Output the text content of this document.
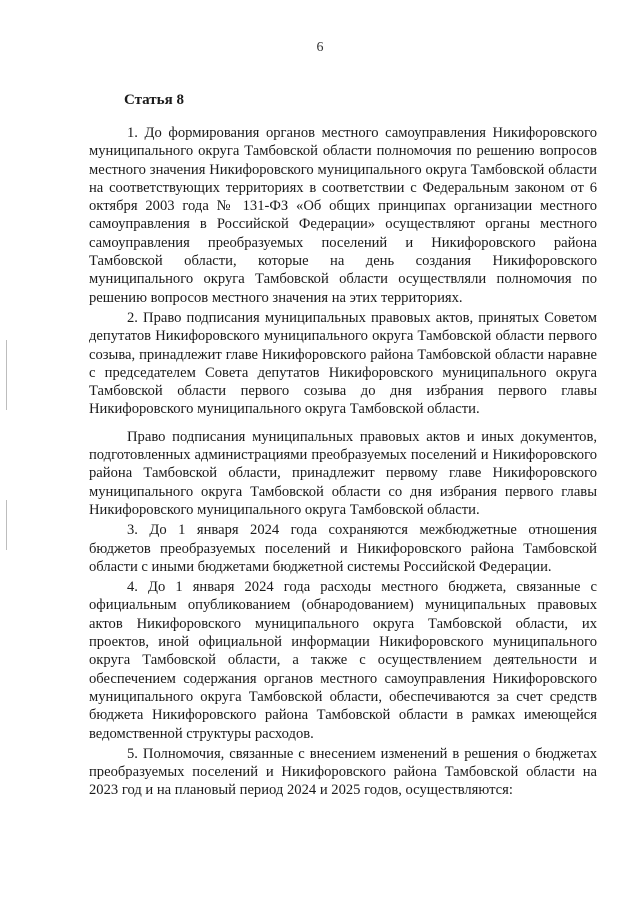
6
Статья 8

1. До формирования органов местного самоуправления Никифоровского муниципального округа Тамбовской области полномочия по решению вопросов местного значения Никифоровского муниципального округа Тамбовской области на соответствующих территориях в соответствии с Федеральным законом от 6 октября 2003 года № 131-ФЗ «Об общих принципах организации местного самоуправления в Российской Федерации» осуществляют органы местного самоуправления преобразуемых поселений и Никифоровского района Тамбовской области, которые на день создания Никифоровского муниципального округа Тамбовской области осуществляли полномочия по решению вопросов местного значения на этих территориях.

2. Право подписания муниципальных правовых актов, принятых Советом депутатов Никифоровского муниципального округа Тамбовской области первого созыва, принадлежит главе Никифоровского района Тамбовской области наравне с председателем Совета депутатов Никифоровского муниципального округа Тамбовской области первого созыва до дня избрания первого главы Никифоровского муниципального округа Тамбовской области.

Право подписания муниципальных правовых актов и иных документов, подготовленных администрациями преобразуемых поселений и Никифоровского района Тамбовской области, принадлежит первому главе Никифоровского муниципального округа Тамбовской области со дня избрания первого главы Никифоровского муниципального округа Тамбовской области.

3. До 1 января 2024 года сохраняются межбюджетные отношения бюджетов преобразуемых поселений и Никифоровского района Тамбовской области с иными бюджетами бюджетной системы Российской Федерации.

4. До 1 января 2024 года расходы местного бюджета, связанные с официальным опубликованием (обнародованием) муниципальных правовых актов Никифоровского муниципального округа Тамбовской области, их проектов, иной официальной информации Никифоровского муниципального округа Тамбовской области, а также с осуществлением деятельности и обеспечением содержания органов местного самоуправления Никифоровского муниципального округа Тамбовской области, обеспечиваются за счет средств бюджета Никифоровского района Тамбовской области в рамках имеющейся ведомственной структуры расходов.

5. Полномочия, связанные с внесением изменений в решения о бюджетах преобразуемых поселений и Никифоровского района Тамбовской области на 2023 год и на плановый период 2024 и 2025 годов, осуществляются:
